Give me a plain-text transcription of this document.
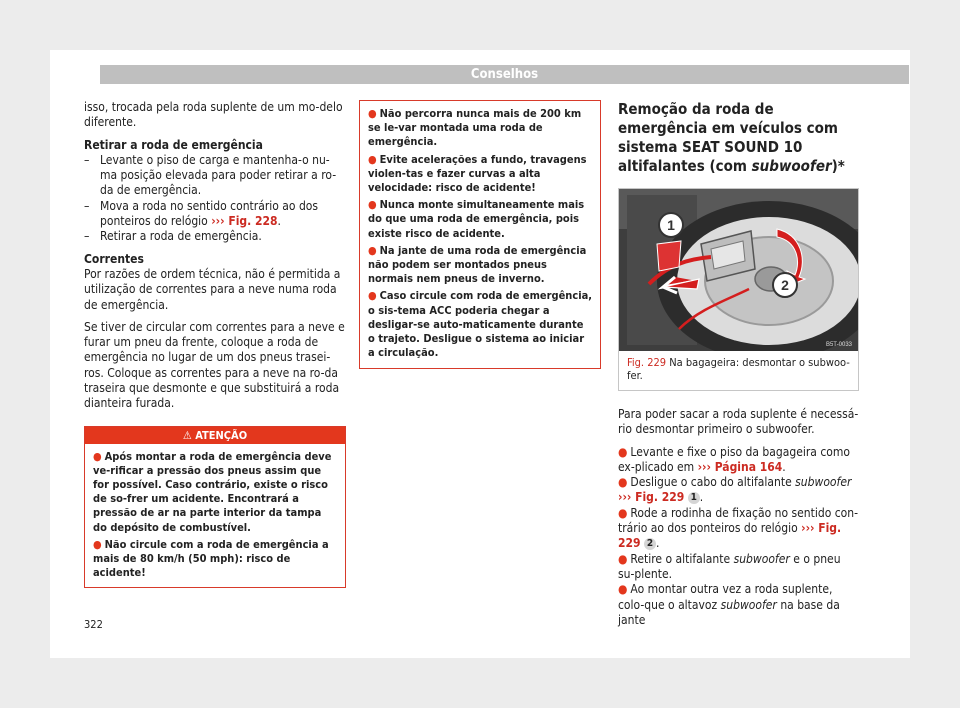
Conselhos

isso, trocada pela roda suplente de um mo-delo diferente.

Retirar a roda de emergência
– Levante o piso de carga e mantenha-o nu-ma posição elevada para poder retirar a ro-da de emergência.
– Mova a roda no sentido contrário ao dos ponteiros do relógio ››› Fig. 228.
– Retirar a roda de emergência.
Correntes

Por razões de ordem técnica, não é permitida a utilização de correntes para a neve numa roda de emergência.

Se tiver de circular com correntes para a neve e furar um pneu da frente, coloque a roda de emergência no lugar de um dos pneus trasei-ros. Coloque as correntes para a neve na ro-da traseira que desmonte e que substituirá a roda dianteira furada.

⚠ ATENÇÃO
● Após montar a roda de emergência deve ve-rificar a pressão dos pneus assim que for possível. Caso contrário, existe o risco de so-frer um acidente. Encontrará a pressão de ar na parte interior da tampa do depósito de combustível.
● Não circule com a roda de emergência a mais de 80 km/h (50 mph): risco de acidente!
● Não percorra nunca mais de 200 km se le-var montada uma roda de emergência.
● Evite acelerações a fundo, travagens violen-tas e fazer curvas a alta velocidade: risco de acidente!
● Nunca monte simultaneamente mais do que uma roda de emergência, pois existe risco de acidente.
● Na jante de uma roda de emergência não podem ser montados pneus normais nem pneus de inverno.
● Caso circule com roda de emergência, o sis-tema ACC poderia chegar a desligar-se auto-maticamente durante o trajeto. Desligue o sistema ao iniciar a circulação.
Remoção da roda de emergência em veículos com sistema SEAT SOUND 10 altifalantes (com subwoofer)*
1
2
B5T-0033
Fig. 229 Na bagageira: desmontar o subwoo-fer.

Para poder sacar a roda suplente é necessá-rio desmontar primeiro o subwoofer.

● Levante e fixe o piso da bagageira como ex-plicado em ››› Página 164.

● Desligue o cabo do altifalante subwoofer ››› Fig. 229 1 .

● Rode a rodinha de fixação no sentido con-trário ao dos ponteiros do relógio ››› Fig. 229 2 .

● Retire o altifalante subwoofer e o pneu su-plente.

● Ao montar outra vez a roda suplente, colo-que o altavoz subwoofer na base da jante

322
